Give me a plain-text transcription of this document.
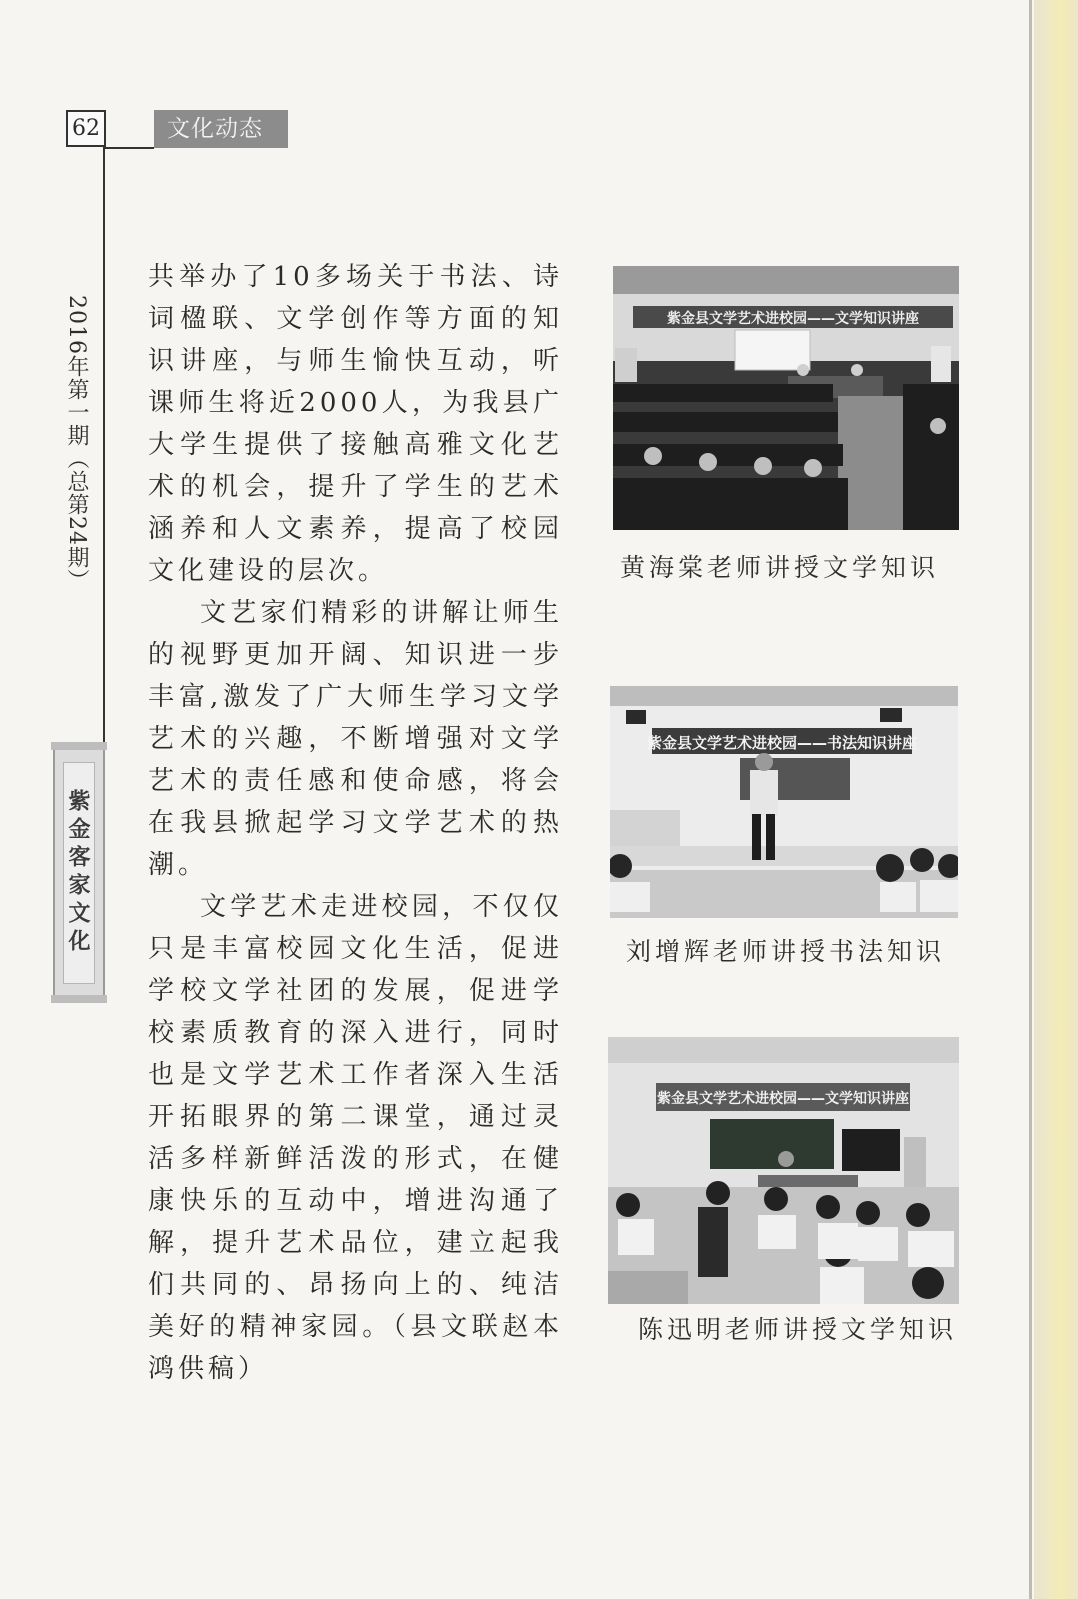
62	文化动态
2016年第一期（总第24期）
紫金客家文化

共举办了10多场关于书法、诗词楹联、文学创作等方面的知识讲座，与师生愉快互动，听课师生将近2000人，为我县广大学生提供了接触高雅文化艺术的机会，提升了学生的艺术涵养和人文素养，提高了校园文化建设的层次。

文艺家们精彩的讲解让师生的视野更加开阔、知识进一步丰富,激发了广大师生学习文学艺术的兴趣，不断增强对文学艺术的责任感和使命感，将会在我县掀起学习文学艺术的热潮。

文学艺术走进校园，不仅仅只是丰富校园文化生活，促进学校文学社团的发展，促进学校素质教育的深入进行，同时也是文学艺术工作者深入生活开拓眼界的第二课堂，通过灵活多样新鲜活泼的形式，在健康快乐的互动中，增进沟通了解，提升艺术品位，建立起我们共同的、昂扬向上的、纯洁美好的精神家园。（县文联赵本鸿供稿）

紫金县文学艺术进校园——文学知识讲座
黄海棠老师讲授文学知识
紫金县文学艺术进校园——书法知识讲座
刘增辉老师讲授书法知识
紫金县文学艺术进校园——文学知识讲座
陈迅明老师讲授文学知识
